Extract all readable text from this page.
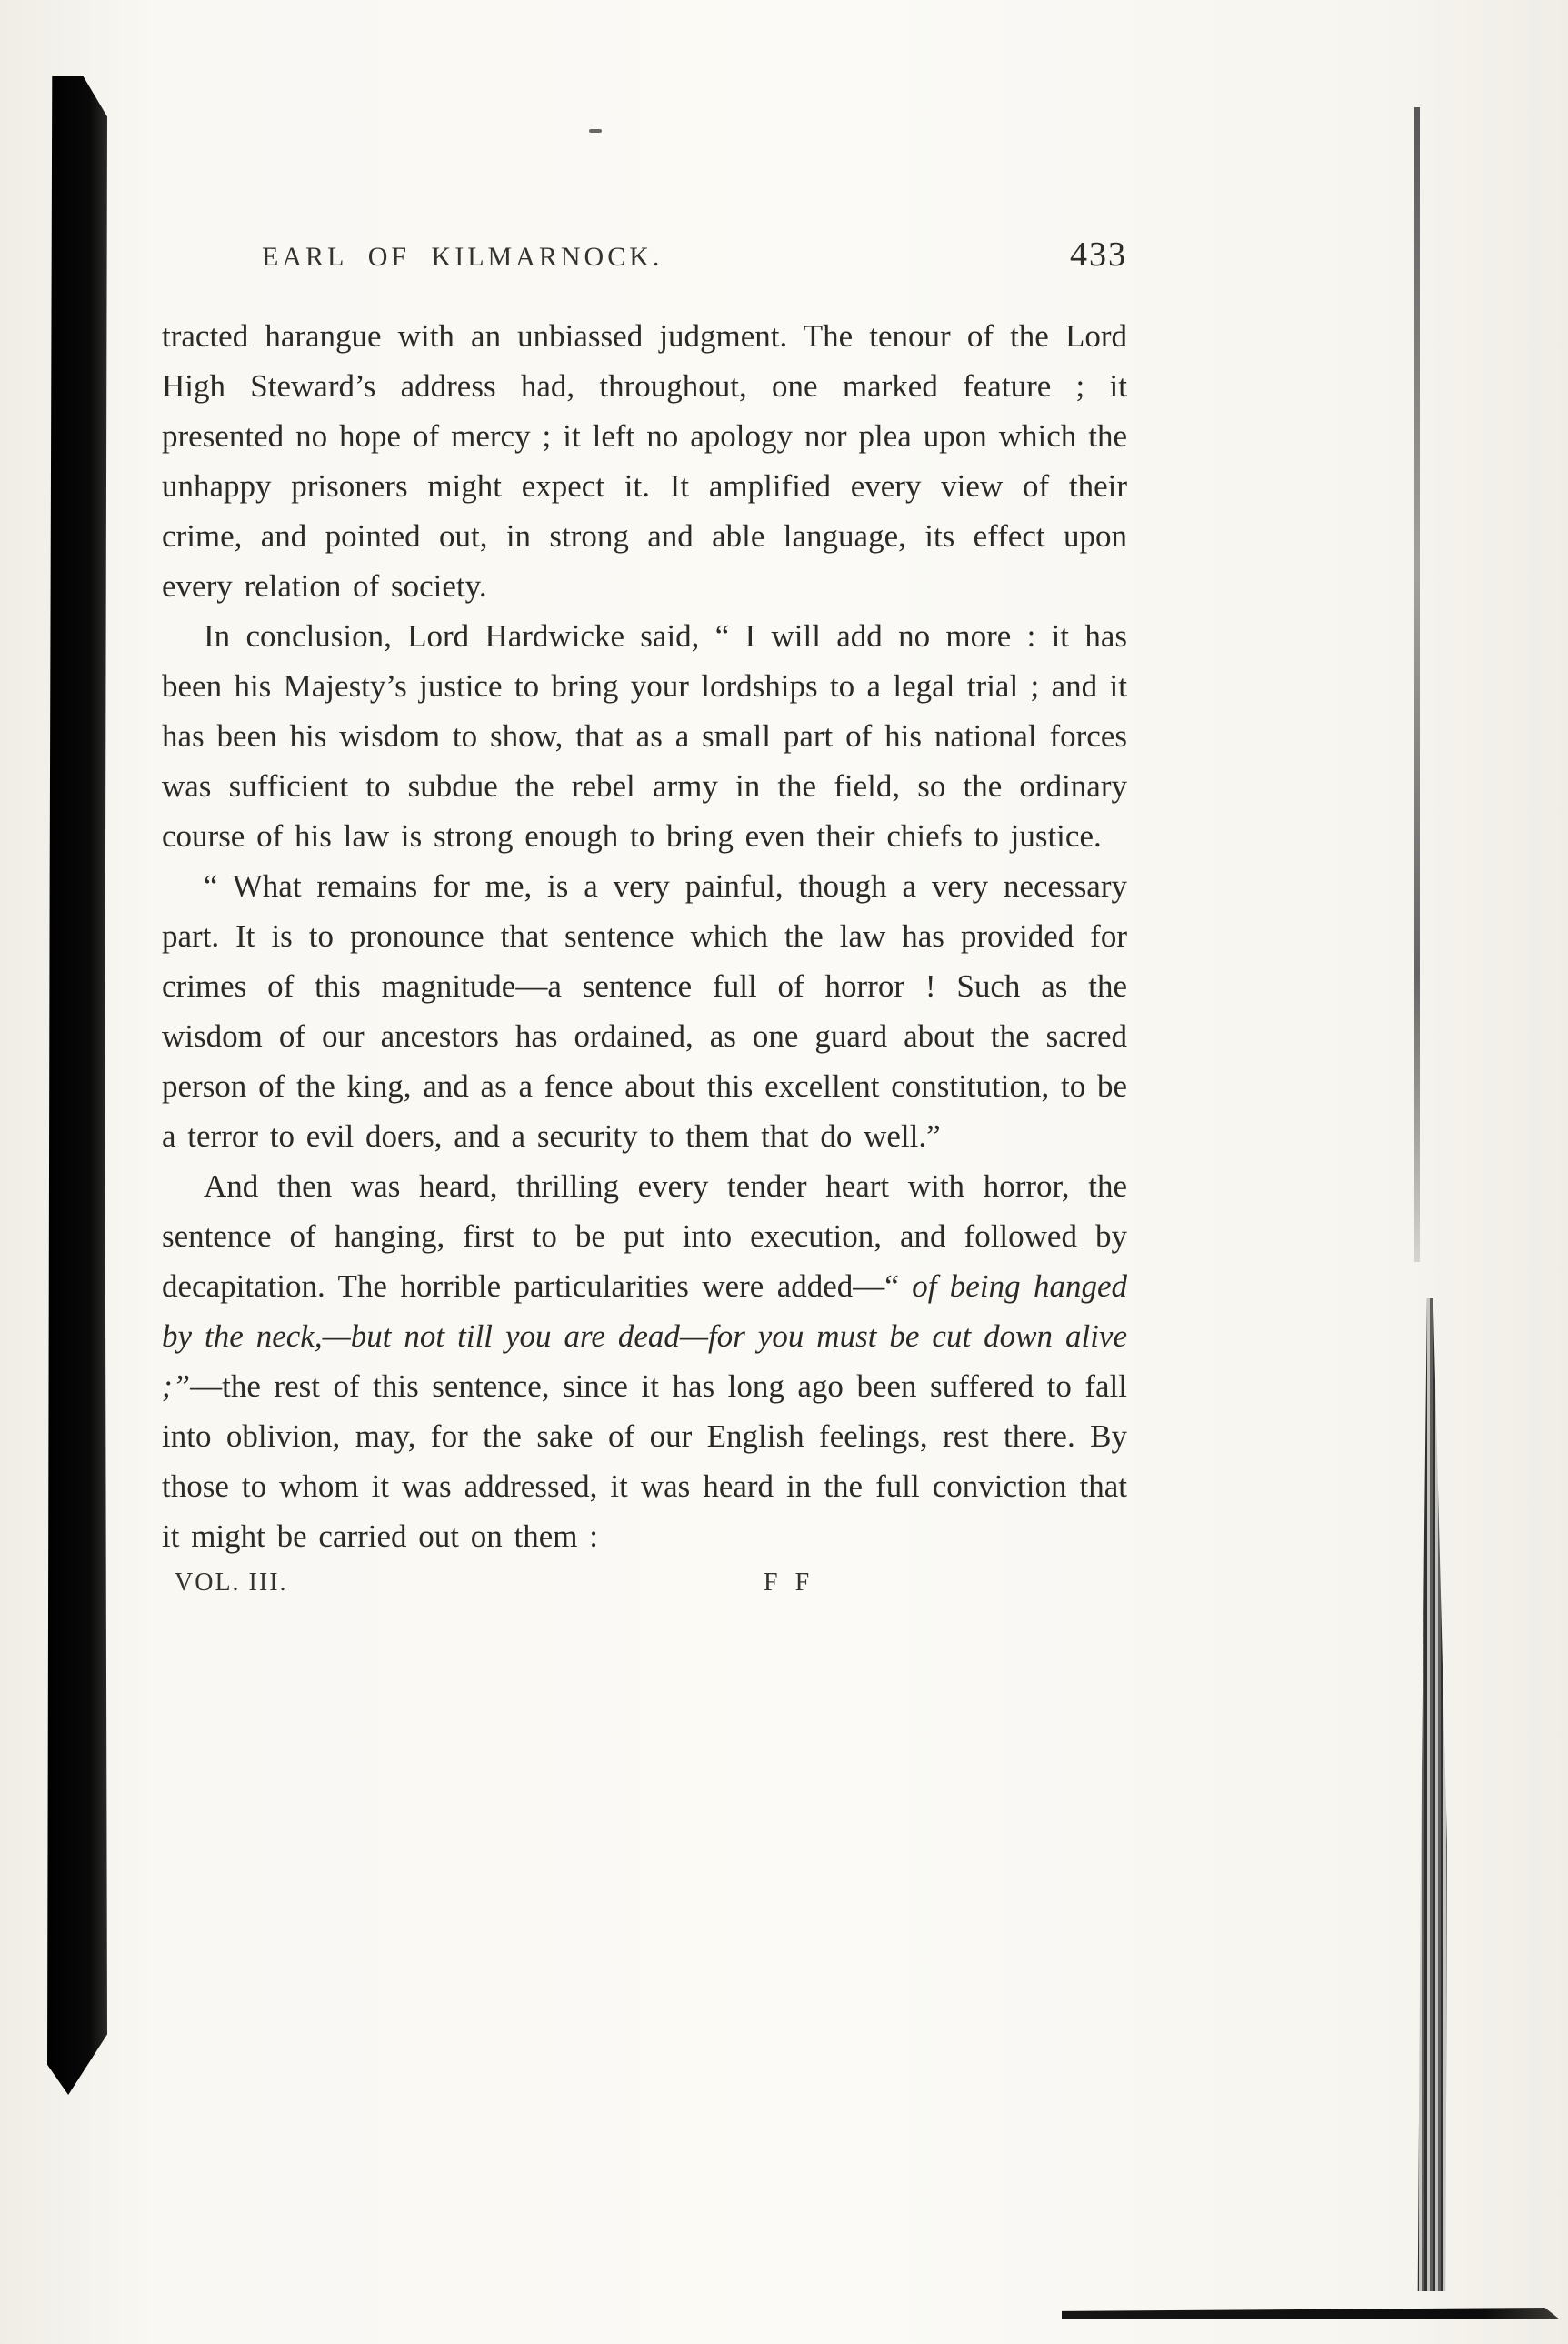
EARL OF KILMARNOCK.	433

tracted harangue with an unbiassed judgment. The tenour of the Lord High Steward’s address had, throughout, one marked feature ; it presented no hope of mercy ; it left no apology nor plea upon which the unhappy prisoners might expect it. It amplified every view of their crime, and pointed out, in strong and able language, its effect upon every relation of society.

In conclusion, Lord Hardwicke said, “ I will add no more : it has been his Majesty’s justice to bring your lordships to a legal trial ; and it has been his wisdom to show, that as a small part of his national forces was sufficient to subdue the rebel army in the field, so the ordinary course of his law is strong enough to bring even their chiefs to justice.

“ What remains for me, is a very painful, though a very necessary part. It is to pronounce that sentence which the law has provided for crimes of this magnitude—a sentence full of horror ! Such as the wisdom of our ancestors has ordained, as one guard about the sacred person of the king, and as a fence about this excellent constitution, to be a terror to evil doers, and a security to them that do well.”

And then was heard, thrilling every tender heart with horror, the sentence of hanging, first to be put into execution, and followed by decapitation. The horrible particularities were added—“ of being hanged by the neck,—but not till you are dead—for you must be cut down alive ;”—the rest of this sentence, since it has long ago been suffered to fall into oblivion, may, for the sake of our English feelings, rest there. By those to whom it was addressed, it was heard in the full conviction that it might be carried out on them :

VOL. III.	F F
